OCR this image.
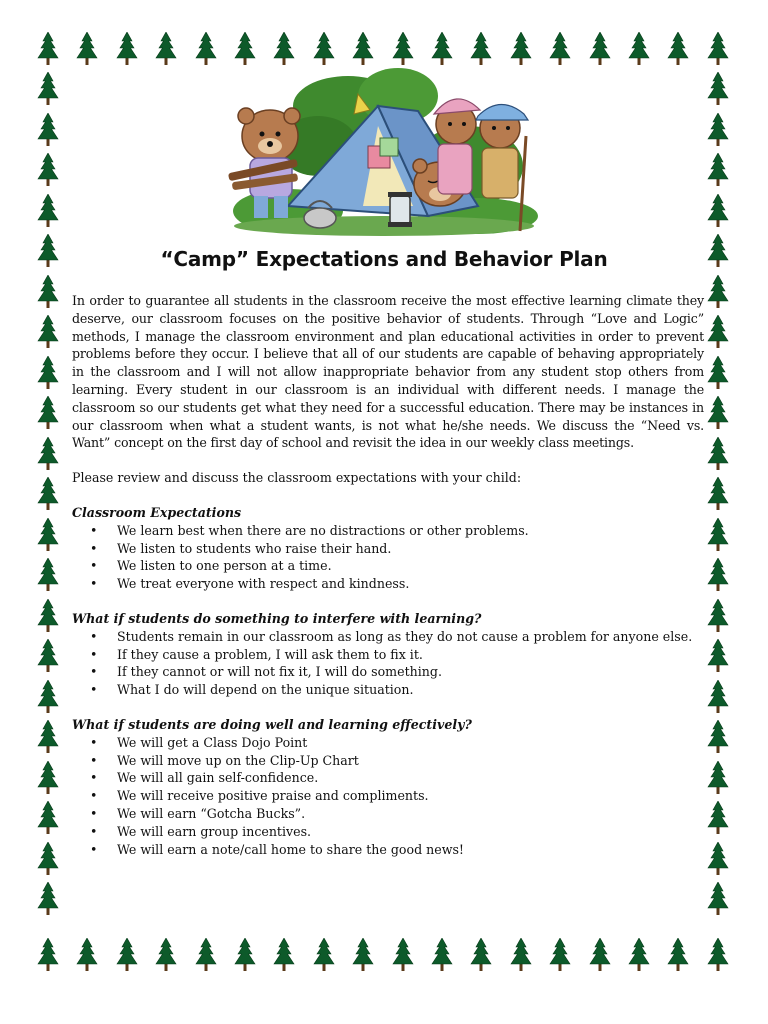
“Camp” Expectations and Behavior Plan

In order to guarantee all students in the classroom receive the most effective learning climate they deserve, our classroom focuses on the positive behavior of students. Through “Love and Logic” methods, I manage the classroom environment and plan educational activities in order to prevent problems before they occur. I believe that all of our students are capable of behaving appropriately in the classroom and I will not allow inappropriate behavior from any student stop others from learning. Every student in our classroom is an individual with different needs. I manage the classroom so our students get what they need for a successful education. There may be instances in our classroom when what a student wants, is not what he/she needs. We discuss the “Need vs. Want” concept on the first day of school and revisit the idea in our weekly class meetings.

Please review and discuss the classroom expectations with your child:

Classroom Expectations

• We learn best when there are no distractions or other problems.
• We listen to students who raise their hand.
• We listen to one person at a time.
• We treat everyone with respect and kindness.

What if students do something to interfere with learning?

• Students remain in our classroom as long as they do not cause a problem for anyone else.
• If they cause a problem, I will ask them to fix it.
• If they cannot or will not fix it, I will do something.
• What I do will depend on the unique situation.

What if students are doing well and learning effectively?

• We will get a Class Dojo Point
• We will move up on the Clip-Up Chart
• We will all gain self-confidence.
• We will receive positive praise and compliments.
• We will earn “Gotcha Bucks”.
• We will earn group incentives.
• We will earn a note/call home to share the good news!
